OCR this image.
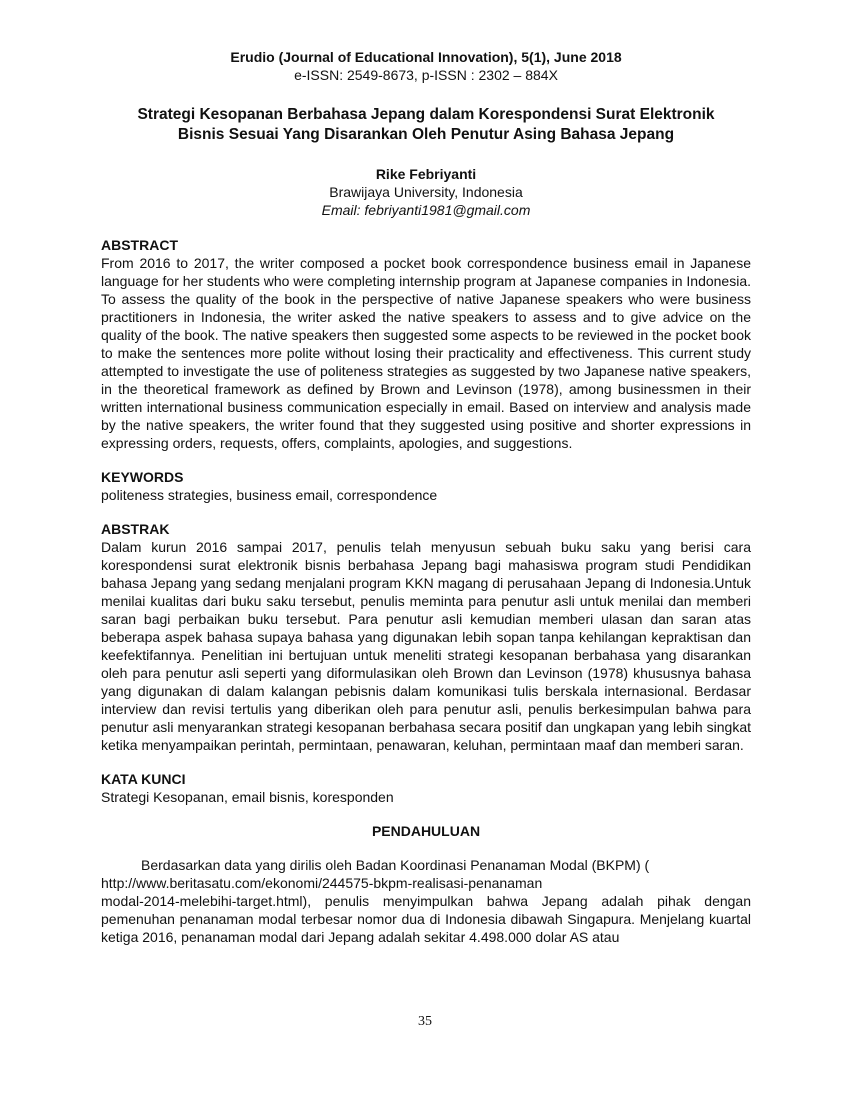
Erudio (Journal of Educational Innovation), 5(1), June 2018
e-ISSN: 2549-8673, p-ISSN : 2302 – 884X
Strategi Kesopanan Berbahasa Jepang dalam Korespondensi Surat Elektronik
Bisnis Sesuai Yang Disarankan Oleh Penutur Asing Bahasa Jepang
Rike Febriyanti
Brawijaya University, Indonesia
Email: febriyanti1981@gmail.com
ABSTRACT

From 2016 to 2017, the writer composed a pocket book correspondence business email in Japanese language for her students who were completing internship program at Japanese companies in Indonesia. To assess the quality of the book in the perspective of native Japanese speakers who were business practitioners in Indonesia, the writer asked the native speakers to assess and to give advice on the quality of the book. The native speakers then suggested some aspects to be reviewed in the pocket book to make the sentences more polite without losing their practicality and effectiveness. This current study attempted to investigate the use of politeness strategies as suggested by two Japanese native speakers, in the theoretical framework as defined by Brown and Levinson (1978), among businessmen in their written international business communication especially in email. Based on interview and analysis made by the native speakers, the writer found that they suggested using positive and shorter expressions in expressing orders, requests, offers, complaints, apologies, and suggestions.

KEYWORDS

politeness strategies, business email, correspondence

ABSTRAK

Dalam kurun 2016 sampai 2017, penulis telah menyusun sebuah buku saku yang berisi cara korespondensi surat elektronik bisnis berbahasa Jepang bagi mahasiswa program studi Pendidikan bahasa Jepang yang sedang menjalani program KKN magang di perusahaan Jepang di Indonesia.Untuk menilai kualitas dari buku saku tersebut, penulis meminta para penutur asli untuk menilai dan memberi saran bagi perbaikan buku tersebut. Para penutur asli kemudian memberi ulasan dan saran atas beberapa aspek bahasa supaya bahasa yang digunakan lebih sopan tanpa kehilangan kepraktisan dan keefektifannya. Penelitian ini bertujuan untuk meneliti strategi kesopanan berbahasa yang disarankan oleh para penutur asli seperti yang diformulasikan oleh Brown dan Levinson (1978) khususnya bahasa yang digunakan di dalam kalangan pebisnis dalam komunikasi tulis berskala internasional. Berdasar interview dan revisi tertulis yang diberikan oleh para penutur asli, penulis berkesimpulan bahwa para penutur asli menyarankan strategi kesopanan berbahasa secara positif dan ungkapan yang lebih singkat ketika menyampaikan perintah, permintaan, penawaran, keluhan, permintaan maaf dan memberi saran.

KATA KUNCI

Strategi Kesopanan, email bisnis, koresponden

PENDAHULUAN

Berdasarkan data yang dirilis oleh Badan Koordinasi Penanaman Modal (BKPM) (

http://www.beritasatu.com/ekonomi/244575-bkpm-realisasi-penanaman

modal-2014-melebihi-target.html), penulis menyimpulkan bahwa Jepang adalah pihak dengan pemenuhan penanaman modal terbesar nomor dua di Indonesia dibawah Singapura. Menjelang kuartal ketiga 2016, penanaman modal dari Jepang adalah sekitar 4.498.000 dolar AS atau

35
